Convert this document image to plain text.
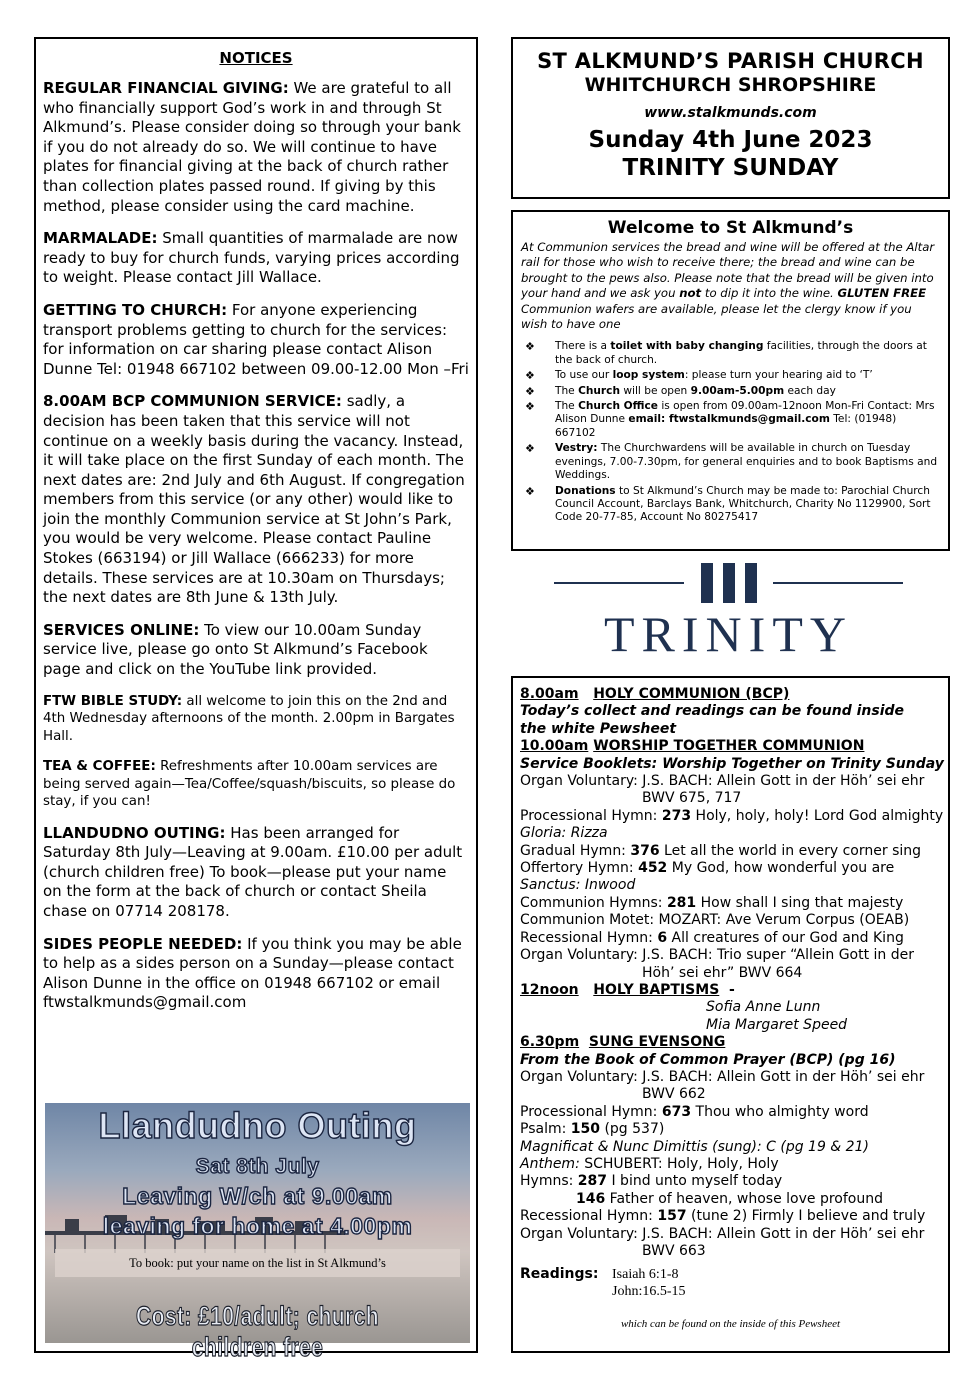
NOTICES
REGULAR FINANCIAL GIVING: We are grateful to all who financially support God’s work in and through St Alkmund’s. Please consider doing so through your bank if you do not already do so. We will continue to have plates for financial giving at the back of church rather than collection plates passed round. If giving by this method, please consider using the card machine.
MARMALADE: Small quantities of marmalade are now ready to buy for church funds, varying prices according to weight. Please contact Jill Wallace.
GETTING TO CHURCH: For anyone experiencing transport problems getting to church for the services: for information on car sharing please contact Alison Dunne Tel: 01948 667102 between 09.00-12.00 Mon –Fri
8.00AM BCP COMMUNION SERVICE: sadly, a decision has been taken that this service will not continue on a weekly basis during the vacancy. Instead, it will take place on the first Sunday of each month. The next dates are: 2nd July and 6th August. If congregation members from this service (or any other) would like to join the monthly Communion service at St John’s Park, you would be very welcome. Please contact Pauline Stokes (663194) or Jill Wallace (666233) for more details. These services are at 10.30am on Thursdays; the next dates are 8th June & 13th July.
SERVICES ONLINE: To view our 10.00am Sunday service live, please go onto St Alkmund’s Facebook page and click on the YouTube link provided.
FTW BIBLE STUDY: all welcome to join this on the 2nd and 4th Wednesday afternoons of the month. 2.00pm in Bargates Hall.
TEA & COFFEE: Refreshments after 10.00am services are being served again—Tea/Coffee/squash/biscuits, so please do stay, if you can!
LLANDUDNO OUTING: Has been arranged for Saturday 8th July—Leaving at 9.00am. £10.00 per adult (church children free) To book—please put your name on the form at the back of church or contact Sheila chase on 07714 208178.
SIDES PEOPLE NEEDED: If you think you may be able to help as a sides person on a Sunday—please contact Alison Dunne in the office on 01948 667102 or email ftwstalkmunds@gmail.com
Llandudno Outing
Sat 8th July
Leaving W/ch at 9.00am
leaving for home at 4.00pm
To book: put your name on the list in St Alkmund’s
Cost: £10/adult; church children free
ST ALKMUND’S PARISH CHURCH
WHITCHURCH SHROPSHIRE
www.stalkmunds.com
Sunday 4th June 2023
TRINITY SUNDAY
Welcome to St Alkmund’s
At Communion services the bread and wine will be offered at the Altar rail for those who wish to receive there; the bread and wine can be brought to the pews also. Please note that the bread will be given into your hand and we ask you not to dip it into the wine. GLUTEN FREE Communion wafers are available, please let the clergy know if you wish to have one
❖ There is a toilet with baby changing facilities, through the doors at the back of church.
❖ To use our loop system: please turn your hearing aid to ‘T’
❖ The Church will be open 9.00am-5.00pm each day
❖ The Church Office is open from 09.00am-12noon Mon-Fri Contact: Mrs Alison Dunne email: ftwstalkmunds@gmail.com Tel: (01948) 667102
❖ Vestry: The Churchwardens will be available in church on Tuesday evenings, 7.00-7.30pm, for general enquiries and to book Baptisms and Weddings.
❖ Donations to St Alkmund’s Church may be made to: Parochial Church Council Account, Barclays Bank, Whitchurch, Charity No 1129900, Sort Code 20-77-85, Account No 80275417
TRINITY
8.00am HOLY COMMUNION (BCP)
Today’s collect and readings can be found inside
the white Pewsheet
10.00am WORSHIP TOGETHER COMMUNION
Service Booklets: Worship Together on Trinity Sunday
Organ Voluntary: J.S. BACH: Allein Gott in der Höh’ sei ehr
BWV 675, 717
Processional Hymn: 273 Holy, holy, holy! Lord God almighty
Gloria: Rizza
Gradual Hymn: 376 Let all the world in every corner sing
Offertory Hymn: 452 My God, how wonderful you are
Sanctus: Inwood
Communion Hymns: 281 How shall I sing that majesty
Communion Motet: MOZART: Ave Verum Corpus (OEAB)
Recessional Hymn: 6 All creatures of our God and King
Organ Voluntary: J.S. BACH: Trio super “Allein Gott in der
Höh’ sei ehr” BWV 664
12noon HOLY BAPTISMS -
Sofia Anne Lunn
Mia Margaret Speed
6.30pm SUNG EVENSONG
From the Book of Common Prayer (BCP) (pg 16)
Organ Voluntary: J.S. BACH: Allein Gott in der Höh’ sei ehr
BWV 662
Processional Hymn: 673 Thou who almighty word
Psalm: 150 (pg 537)
Magnificat & Nunc Dimittis (sung): C (pg 19 & 21)
Anthem: SCHUBERT: Holy, Holy, Holy
Hymns: 287 I bind unto myself today
146 Father of heaven, whose love profound
Recessional Hymn: 157 (tune 2) Firmly I believe and truly
Organ Voluntary: J.S. BACH: Allein Gott in der Höh’ sei ehr
BWV 663
Readings: Isaiah 6:1-8
John:16.5-15
which can be found on the inside of this Pewsheet
